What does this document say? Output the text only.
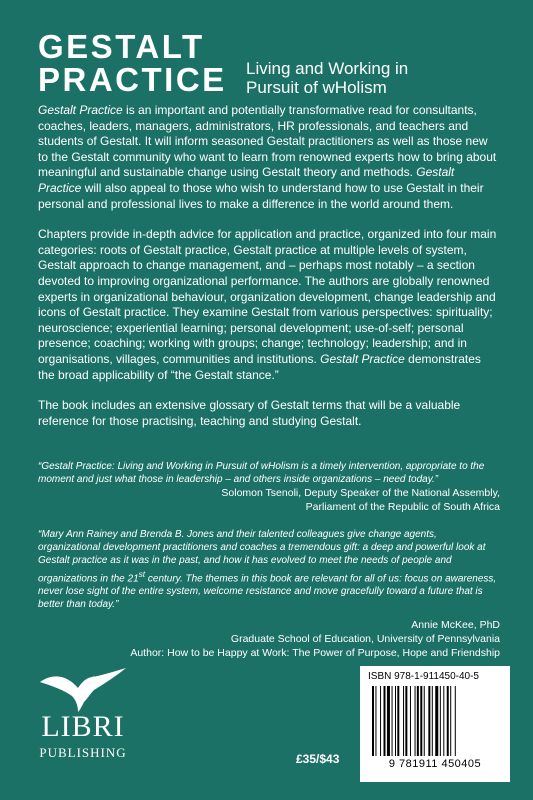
GESTALT
PRACTICE Living and Working in
Pursuit of wHolism

Gestalt Practice is an important and potentially transformative read for consultants, coaches, leaders, managers, administrators, HR professionals, and teachers and students of Gestalt. It will inform seasoned Gestalt practitioners as well as those new to the Gestalt community who want to learn from renowned experts how to bring about meaningful and sustainable change using Gestalt theory and methods. Gestalt Practice will also appeal to those who wish to understand how to use Gestalt in their personal and professional lives to make a difference in the world around them.

Chapters provide in-depth advice for application and practice, organized into four main categories: roots of Gestalt practice, Gestalt practice at multiple levels of system, Gestalt approach to change management, and – perhaps most notably – a section devoted to improving organizational performance. The authors are globally renowned experts in organizational behaviour, organization development, change leadership and icons of Gestalt practice. They examine Gestalt from various perspectives: spirituality; neuroscience; experiential learning; personal development; use-of-self; personal presence; coaching; working with groups; change; technology; leadership; and in organisations, villages, communities and institutions. Gestalt Practice demonstrates the broad applicability of “the Gestalt stance.”

The book includes an extensive glossary of Gestalt terms that will be a valuable reference for those practising, teaching and studying Gestalt.

“Gestalt Practice: Living and Working in Pursuit of wHolism is a timely intervention, appropriate to the moment and just what those in leadership – and others inside organizations – need today.”

Solomon Tsenoli, Deputy Speaker of the National Assembly,

Parliament of the Republic of South Africa

“Mary Ann Rainey and Brenda B. Jones and their talented colleagues give change agents, organizational development practitioners and coaches a tremendous gift: a deep and powerful look at Gestalt practice as it was in the past, and how it has evolved to meet the needs of people and organizations in the 21st century. The themes in this book are relevant for all of us: focus on awareness, never lose sight of the entire system, welcome resistance and move gracefully toward a future that is better than today.”

Annie McKee, PhD

Graduate School of Education, University of Pennsylvania

Author: How to be Happy at Work: The Power of Purpose, Hope and Friendship

LIBRI
PUBLISHING	£35/$43
ISBN 978-1-911450-40-5
9 781911 450405
